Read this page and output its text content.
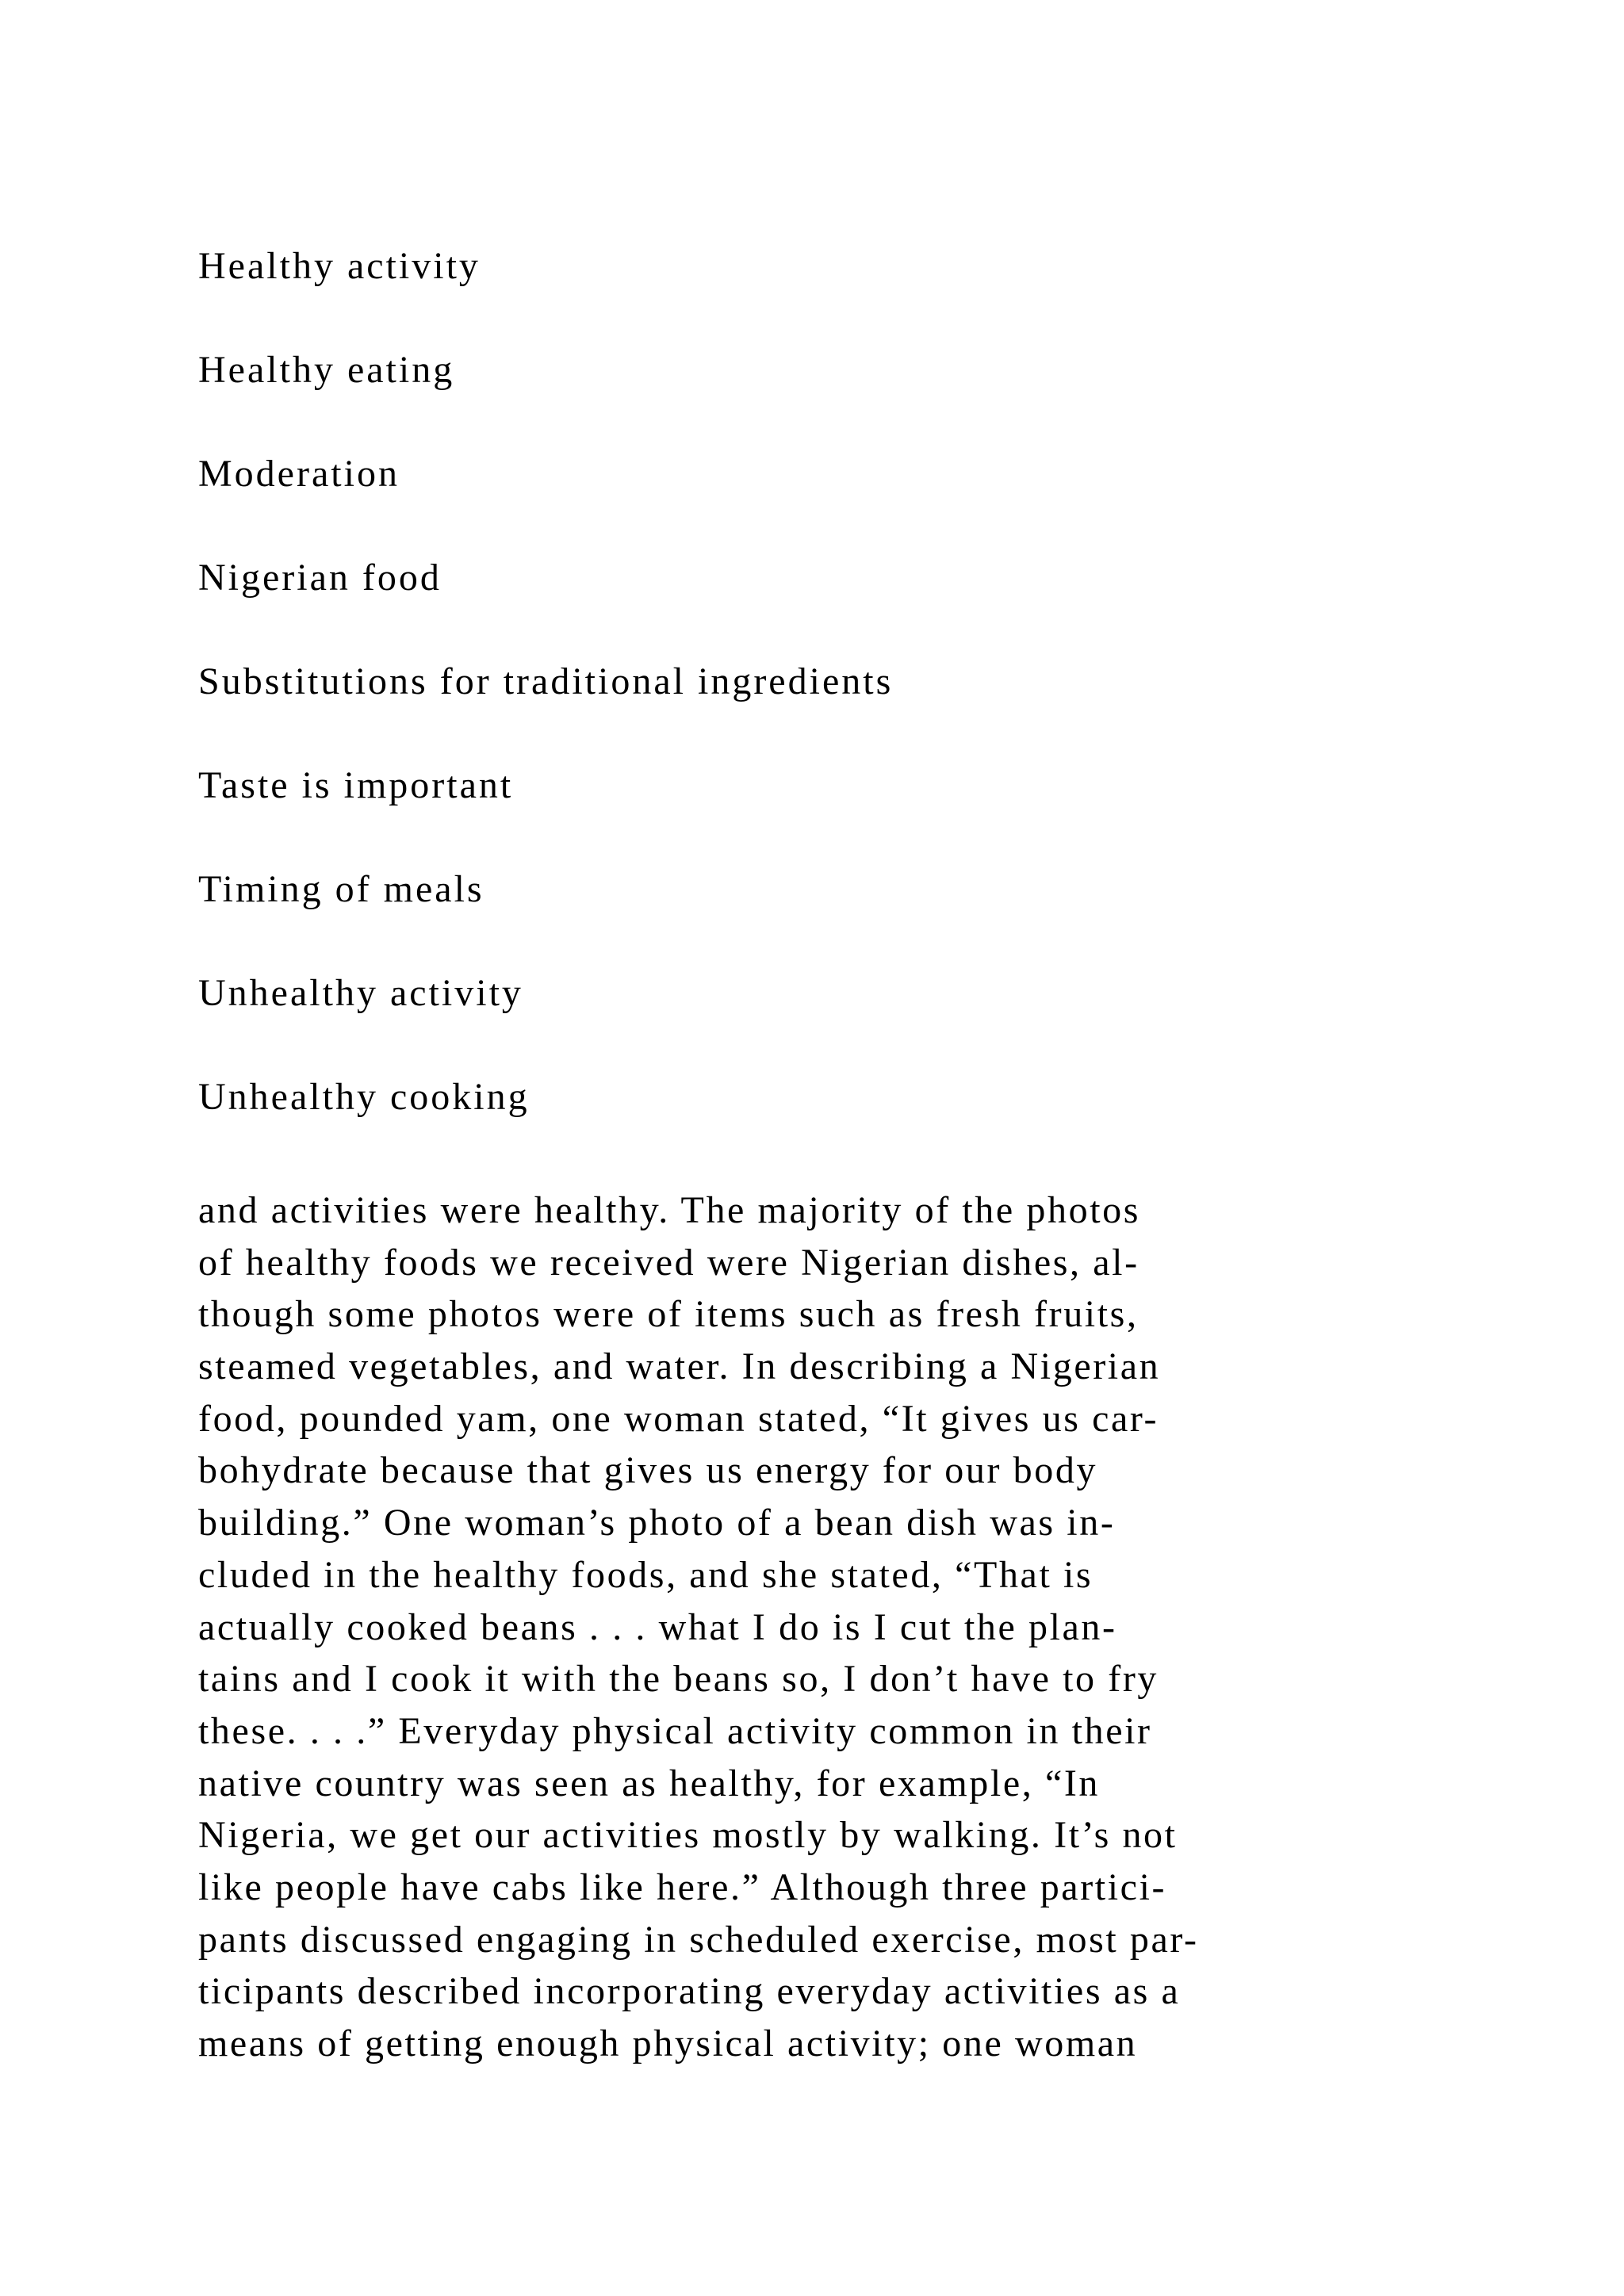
Healthy activity
Healthy eating
Moderation
Nigerian food
Substitutions for traditional ingredients
Taste is important
Timing of meals
Unhealthy activity
Unhealthy cooking

and activities were healthy. The majority of the photos
of healthy foods we received were Nigerian dishes, al-
though some photos were of items such as fresh fruits,
steamed vegetables, and water. In describing a Nigerian
food, pounded yam, one woman stated, “It gives us car-
bohydrate because that gives us energy for our body
building.” One woman’s photo of a bean dish was in-
cluded in the healthy foods, and she stated, “That is
actually cooked beans . . . what I do is I cut the plan-
tains and I cook it with the beans so, I don’t have to fry
these. . . .” Everyday physical activity common in their
native country was seen as healthy, for example, “In
Nigeria, we get our activities mostly by walking. It’s not
like people have cabs like here.” Although three partici-
pants discussed engaging in scheduled exercise, most par-
ticipants described incorporating everyday activities as a
means of getting enough physical activity; one woman
